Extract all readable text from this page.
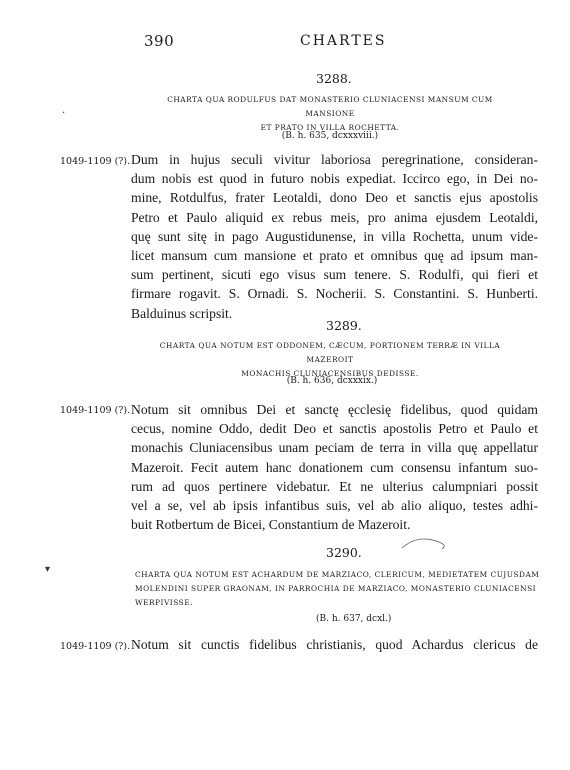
390	CHARTES
3288.
CHARTA QUA RODULFUS DAT MONASTERIO CLUNIACENSI MANSUM CUM MANSIONE
ET PRATO IN VILLA ROCHETTA.
(B. h. 635, dcxxxviii.)
1049-1109 (?). Dum in hujus seculi vivitur laboriosa peregrinatione, consideran-
dum nobis est quod in futuro nobis expediat. Iccirco ego, in Dei no-
mine, Rotdulfus, frater Leotaldi, dono Deo et sanctis ejus apostolis
Petro et Paulo aliquid ex rebus meis, pro anima ejusdem Leotaldi,
quę sunt sitę in pago Augustidunense, in villa Rochetta, unum vide-
licet mansum cum mansione et prato et omnibus quę ad ipsum man-
sum pertinent, sicuti ego visus sum tenere. S. Rodulfi, qui fieri et
firmare rogavit. S. Ornadi. S. Nocherii. S. Constantini. S. Hunberti.
Balduinus scripsit.
3289.
CHARTA QUA NOTUM EST ODDONEM, CÆCUM, PORTIONEM TERRÆ IN VILLA MAZEROIT
MONACHIS CLUNIACENSIBUS DEDISSE.
(B. h. 636, dcxxxix.)
1049-1109 (?). Notum sit omnibus Dei et sanctę ęcclesię fidelibus, quod quidam
cecus, nomine Oddo, dedit Deo et sanctis apostolis Petro et Paulo et
monachis Cluniacensibus unam peciam de terra in villa quę appellatur
Mazeroit. Fecit autem hanc donationem cum consensu infantum suo-
rum ad quos pertinere videbatur. Et ne ulterius calumpniari possit
vel a se, vel ab ipsis infantibus suis, vel ab alio aliquo, testes adhi-
buit Rotbertum de Bicei, Constantium de Mazeroit.
3290.
CHARTA QUA NOTUM EST ACHARDUM DE MARZIACO, CLERICUM, MEDIETATEM CUJUSDAM
MOLENDINI SUPER GRAONAM, IN PARROCHIA DE MARZIACO, MONASTERIO CLUNIACENSI
WERPIVISSE.
(B. h. 637, dcxl.)
1049-1109 (?). Notum sit cunctis fidelibus christianis, quod Achardus clericus de
·
▾
